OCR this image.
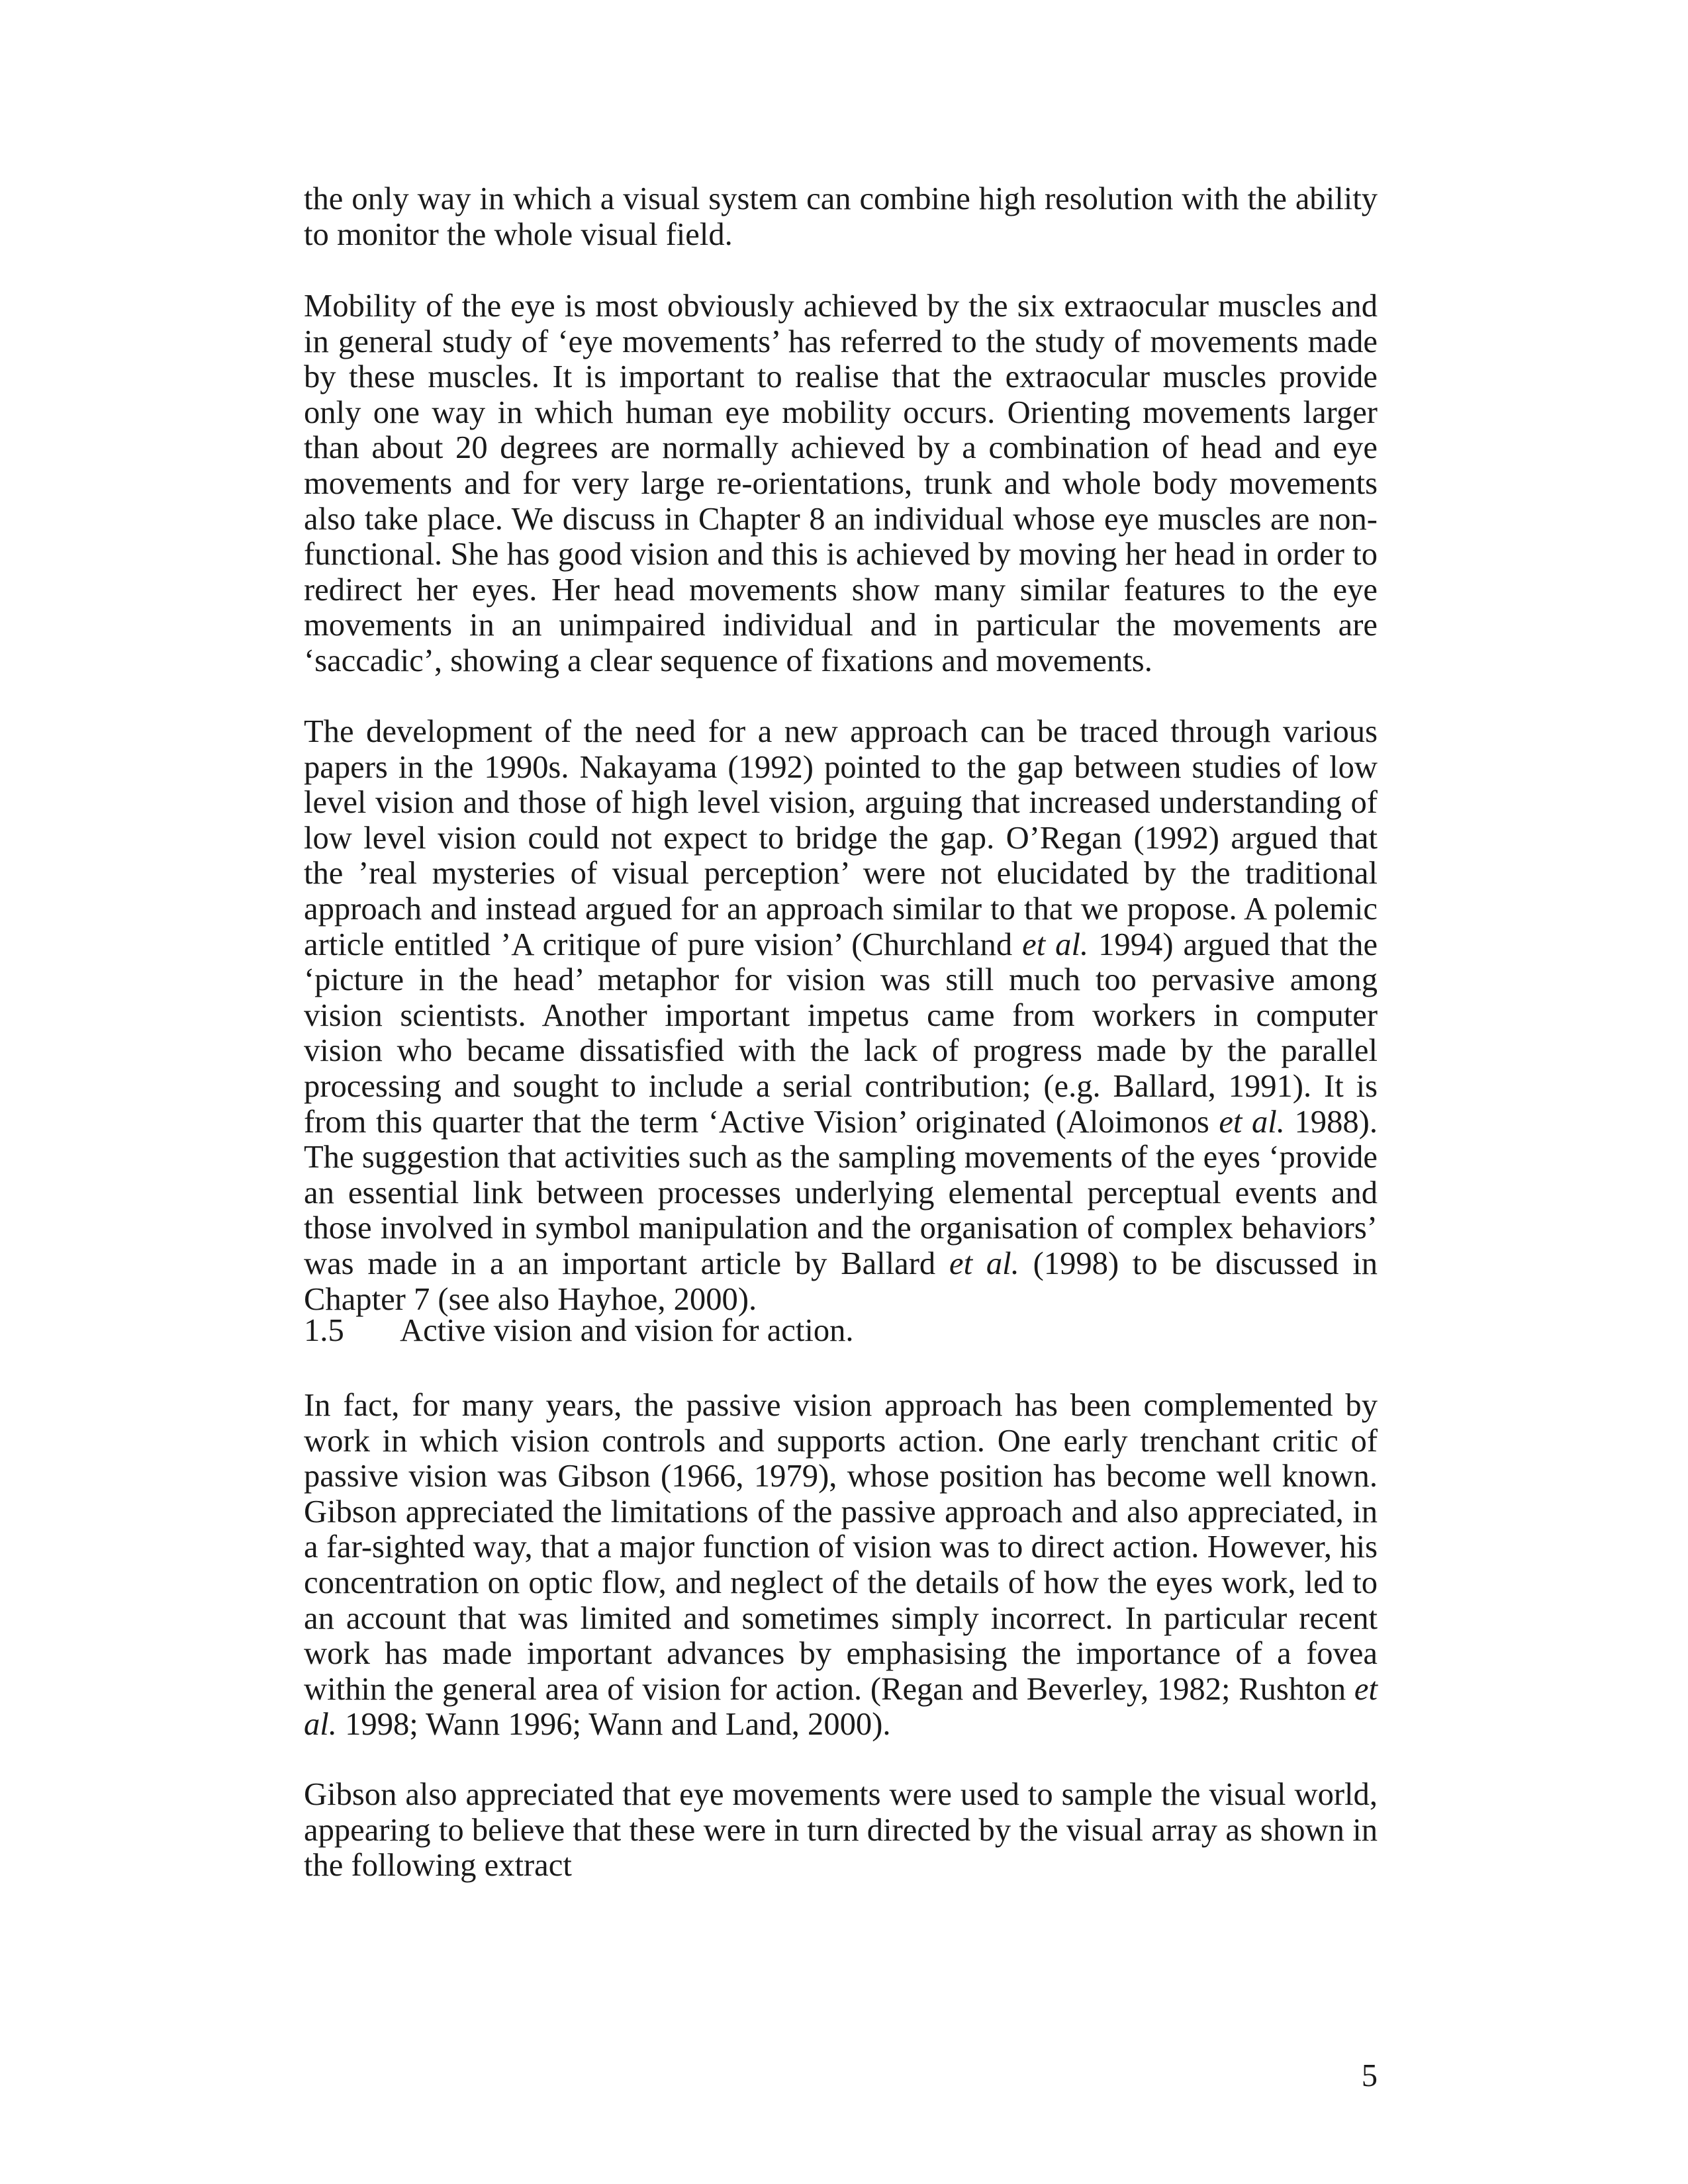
the only way in which a visual system can combine high resolution with the ability to monitor the whole visual field.

Mobility of the eye is most obviously achieved by the six extraocular muscles and in general study of ‘eye movements’ has referred to the study of movements made by these muscles. It is important to realise that the extraocular muscles provide only one way in which human eye mobility occurs. Orienting movements larger than about 20 degrees are normally achieved by a combination of head and eye movements and for very large re-orientations, trunk and whole body movements also take place. We discuss in Chapter 8 an individual whose eye muscles are non-functional. She has good vision and this is achieved by moving her head in order to redirect her eyes. Her head movements show many similar features to the eye movements in an unimpaired individual and in particular the movements are ‘saccadic’, showing a clear sequence of fixations and movements.

The development of the need for a new approach can be traced through various papers in the 1990s. Nakayama (1992) pointed to the gap between studies of low level vision and those of high level vision, arguing that increased understanding of low level vision could not expect to bridge the gap. O’Regan (1992) argued that the ’real mysteries of visual perception’ were not elucidated by the traditional approach and instead argued for an approach similar to that we propose. A polemic article entitled ’A critique of pure vision’ (Churchland et al. 1994) argued that the ‘picture in the head’ metaphor for vision was still much too pervasive among vision scientists. Another important impetus came from workers in computer vision who became dissatisfied with the lack of progress made by the parallel processing and sought to include a serial contribution; (e.g. Ballard, 1991). It is from this quarter that the term ‘Active Vision’ originated (Aloimonos et al. 1988). The suggestion that activities such as the sampling movements of the eyes ‘provide an essential link between processes underlying elemental perceptual events and those involved in symbol manipulation and the organisation of complex behaviors’ was made in a an important article by Ballard et al. (1998) to be discussed in Chapter 7 (see also Hayhoe, 2000).

1.5 Active vision and vision for action.

In fact, for many years, the passive vision approach has been complemented by work in which vision controls and supports action. One early trenchant critic of passive vision was Gibson (1966, 1979), whose position has become well known. Gibson appreciated the limitations of the passive approach and also appreciated, in a far-sighted way, that a major function of vision was to direct action. However, his concentration on optic flow, and neglect of the details of how the eyes work, led to an account that was limited and sometimes simply incorrect. In particular recent work has made important advances by emphasising the importance of a fovea within the general area of vision for action. (Regan and Beverley, 1982; Rushton et al. 1998; Wann 1996; Wann and Land, 2000).

Gibson also appreciated that eye movements were used to sample the visual world, appearing to believe that these were in turn directed by the visual array as shown in the following extract

5
